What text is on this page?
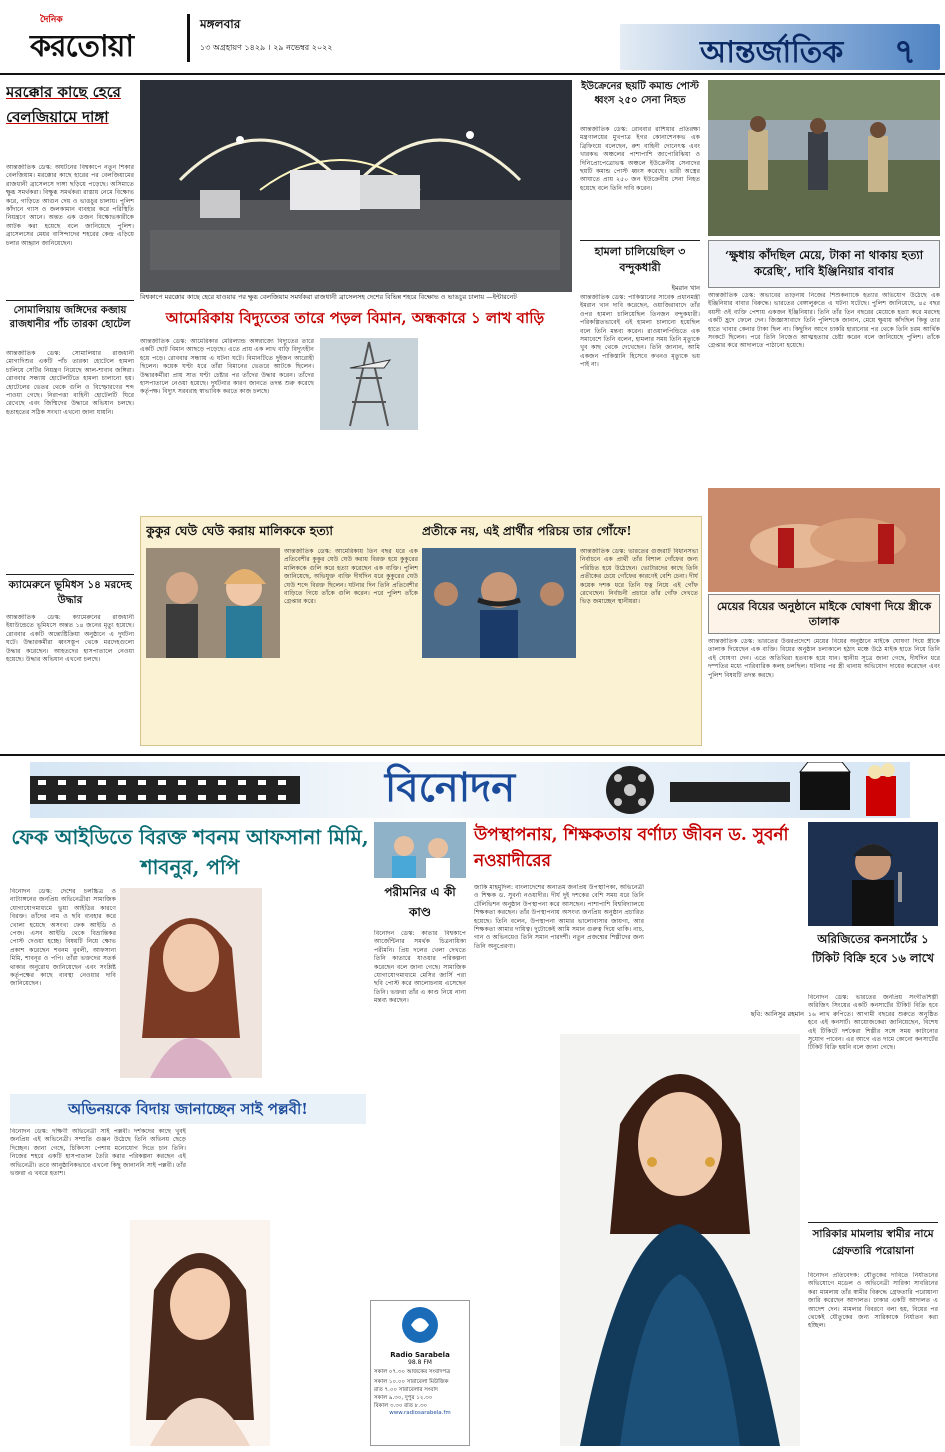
দৈনিক
করতোয়া
মঙ্গলবার
১৩ অগ্রহায়ণ ১৪২৯ । ২৯ নভেম্বর ২০২২	আন্তর্জাতিক	৭
মরক্কোর কাছে হেরে বেলজিয়ামে দাঙ্গা
আন্তর্জাতিক ডেস্ক: অঘটনের বিশ্বকাপে নতুন শিকার বেলজিয়াম। মরক্কোর কাছে হারের পর বেলজিয়ামের রাজধানী ব্রাসেলসে দাঙ্গা ছড়িয়ে পড়েছে। অসিমাতে ক্ষুব্ধ সমর্থকরা। বিক্ষুব্ধ সমর্থকরা রাস্তায় নেমে বিক্ষোভ করে, গাড়িতে আগুন দেয় ও ভাঙচুর চালায়। পুলিশ কাঁদানে গ্যাস ও জলকামান ব্যবহার করে পরিস্থিতি নিয়ন্ত্রণে আনে। অন্তত এক ডজন বিক্ষোভকারীকে আটক করা হয়েছে বলে জানিয়েছে পুলিশ। ব্রাসেলসের মেয়র বাসিন্দাদের শহরের কেন্দ্র এড়িয়ে চলার আহ্বান জানিয়েছেন।
বিশ্বকাপে মরক্কোর কাছে হেরে যাওয়ার পর ক্ষুব্ধ বেলজিয়াম সমর্থকরা রাজধানী ব্রাসেলসহ দেশের বিভিন্ন শহরে বিক্ষোভ ও ভাঙচুর চালায় —ইন্টারনেট
ইউক্রেনের ছয়টি কমান্ড পোস্ট ধ্বংস ২৫০ সেনা নিহত
আন্তর্জাতিক ডেস্ক: রোববার রাশিয়ার প্রতিরক্ষা মন্ত্রণালয়ের মুখপাত্র ইগর কোনাশেনকভ এক ব্রিফিংয়ে বলেছেন, রুশ বাহিনী দোনেৎস্ক এবং খারকভ অঞ্চলের পাশাপাশি জাপোরিঝিয়া ও দিনিপ্রোপেত্রোভস্ক অঞ্চলে ইউক্রেনীয় সেনাদের ছয়টি কমান্ড পোস্ট ধ্বংস করেছে। ভারী অস্ত্রের আঘাতে প্রায় ২৫০ জন ইউক্রেনীয় সেনা নিহত হয়েছে বলে তিনি দাবি করেন।
হামলা চালিয়েছিল ৩ বন্দুকধারী
ইমরান খান
আন্তর্জাতিক ডেস্ক: পাকিস্তানের সাবেক প্রধানমন্ত্রী ইমরান খান দাবি করেছেন, ওয়াজিরাবাদে তাঁর ওপর হামলা চালিয়েছিল তিনজন বন্দুকধারী। পরিকল্পিতভাবেই এই হামলা চালানো হয়েছিল বলে তিনি মন্তব্য করেন। রাওয়ালপিন্ডিতে এক সমাবেশে তিনি বলেন, হামলার সময় তিনি মৃত্যুকে খুব কাছ থেকে দেখেছেন। তিনি জানান, আমি একজন পাকিস্তানি হিসেবে কখনও মৃত্যুকে ভয় পাই না।
‘ক্ষুধায় কাঁদছিল মেয়ে, টাকা না থাকায় হত্যা করেছি’, দাবি ইঞ্জিনিয়ার বাবার
আন্তর্জাতিক ডেস্ক: অভাবের তাড়নায় নিজের শিশুকন্যাকে হত্যার অভিযোগ উঠেছে এক ইঞ্জিনিয়ার বাবার বিরুদ্ধে। ভারতের বেঙ্গালুরুতে এ ঘটনা ঘটেছে। পুলিশ জানিয়েছে, ৪৫ বছর বয়সী ওই ব্যক্তি পেশায় একজন ইঞ্জিনিয়ার। তিনি তাঁর তিন বছরের মেয়েকে হত্যা করে মরদেহ একটি হ্রদে ফেলে দেন। জিজ্ঞাসাবাদে তিনি পুলিশকে জানান, মেয়ে ক্ষুধায় কাঁদছিল কিন্তু তার হাতে খাবার কেনার টাকা ছিল না। কিছুদিন আগে চাকরি হারানোর পর থেকে তিনি চরম আর্থিক সংকটে ছিলেন। পরে তিনি নিজেও আত্মহত্যার চেষ্টা করেন বলে জানিয়েছে পুলিশ। তাঁকে গ্রেপ্তার করে আদালতে পাঠানো হয়েছে।
মেয়ের বিয়ের অনুষ্ঠানে মাইকে ঘোষণা দিয়ে স্ত্রীকে তালাক
আন্তর্জাতিক ডেস্ক: ভারতের উত্তরপ্রদেশে মেয়ের বিয়ের অনুষ্ঠানে মাইকে ঘোষণা দিয়ে স্ত্রীকে তালাক দিয়েছেন এক ব্যক্তি। বিয়ের অনুষ্ঠান চলাকালে হঠাৎ মঞ্চে উঠে মাইক হাতে নিয়ে তিনি এই ঘোষণা দেন। এতে অতিথিরা হতবাক হয়ে যান। স্থানীয় সূত্রে জানা গেছে, দীর্ঘদিন ধরে দম্পতির মধ্যে পারিবারিক কলহ চলছিল। ঘটনার পর স্ত্রী থানায় অভিযোগ দায়ের করেছেন এবং পুলিশ বিষয়টি তদন্ত করছে।
সোমালিয়ায় জঙ্গিদের কব্জায় রাজধানীর পাঁচ তারকা হোটেল
আন্তর্জাতিক ডেস্ক: সোমালিয়ার রাজধানী মোগাদিশুর একটি পাঁচ তারকা হোটেলে হামলা চালিয়ে সেটির নিয়ন্ত্রণ নিয়েছে আল-শাবাব জঙ্গিরা। রোববার সন্ধ্যায় হোটেলটিতে হামলা চালানো হয়। হোটেলের ভেতর থেকে গুলি ও বিস্ফোরণের শব্দ পাওয়া গেছে। নিরাপত্তা বাহিনী হোটেলটি ঘিরে রেখেছে এবং জিম্মিদের উদ্ধারে অভিযান চলছে। হতাহতের সঠিক সংখ্যা এখনো জানা যায়নি।
ক্যামেরুনে ভূমিধস ১৪ মরদেহ উদ্ধার
আন্তর্জাতিক ডেস্ক: ক্যামেরুনের রাজধানী ইয়াউন্ডেতে ভূমিধসে অন্তত ১৪ জনের মৃত্যু হয়েছে। রোববার একটি অন্ত্যেষ্টিক্রিয়া অনুষ্ঠানে এ দুর্ঘটনা ঘটে। উদ্ধারকর্মীরা ধ্বংসস্তূপ থেকে মরদেহগুলো উদ্ধার করেছেন। আহতদের হাসপাতালে নেওয়া হয়েছে। উদ্ধার অভিযান এখনো চলছে।
আমেরিকায় বিদ্যুতের তারে পড়ল বিমান, অন্ধকারে ১ লাখ বাড়ি
আন্তর্জাতিক ডেস্ক: আমেরিকার মেরিল্যান্ড অঙ্গরাজ্যে বিদ্যুতের তারে একটি ছোট বিমান আছড়ে পড়েছে। এতে প্রায় এক লাখ বাড়ি বিদ্যুৎহীন হয়ে পড়ে। রোববার সন্ধ্যায় এ ঘটনা ঘটে। বিমানটিতে দুইজন আরোহী ছিলেন। কয়েক ঘণ্টা ধরে তাঁরা বিমানের ভেতরে আটকে ছিলেন। উদ্ধারকর্মীরা প্রায় সাত ঘণ্টা চেষ্টার পর তাঁদের উদ্ধার করেন। তাঁদের হাসপাতালে নেওয়া হয়েছে। দুর্ঘটনার কারণ জানতে তদন্ত শুরু করেছে কর্তৃপক্ষ। বিদ্যুৎ সরবরাহ স্বাভাবিক করতে কাজ চলছে।
কুকুর ঘেউ ঘেউ করায় মালিককে হত্যা
আন্তর্জাতিক ডেস্ক: আমেরিকায় তিন বছর ধরে এক প্রতিবেশীর কুকুর ঘেউ ঘেউ করায় বিরক্ত হয়ে কুকুরের মালিককে গুলি করে হত্যা করেছেন এক ব্যক্তি। পুলিশ জানিয়েছে, অভিযুক্ত ব্যক্তি দীর্ঘদিন ধরে কুকুরের ঘেউ ঘেউ শব্দে বিরক্ত ছিলেন। ঘটনার দিন তিনি প্রতিবেশীর বাড়িতে গিয়ে তাঁকে গুলি করেন। পরে পুলিশ তাঁকে গ্রেপ্তার করে।
প্রতীকে নয়, এই প্রার্থীর পরিচয় তার গোঁফে!
আন্তর্জাতিক ডেস্ক: ভারতের গুজরাট বিধানসভা নির্বাচনে এক প্রার্থী তাঁর বিশাল গোঁফের জন্য পরিচিত হয়ে উঠেছেন। ভোটারদের কাছে তিনি প্রতীকের চেয়ে গোঁফের কারণেই বেশি চেনা। দীর্ঘ কয়েক দশক ধরে তিনি যত্ন নিয়ে এই গোঁফ রেখেছেন। নির্বাচনী প্রচারে তাঁর গোঁফ দেখতে ভিড় জমাচ্ছেন স্থানীয়রা।
বিনোদন
ফেক আইডিতে বিরক্ত শবনম আফসানা মিমি, শাবনুর, পপি
বিনোদন ডেস্ক: দেশের চলচ্চিত্র ও নাট্যাঙ্গনের জনপ্রিয় অভিনেত্রীরা সামাজিক যোগাযোগমাধ্যমে ভুয়া আইডির কারণে বিরক্ত। তাঁদের নাম ও ছবি ব্যবহার করে খোলা হয়েছে অসংখ্য ফেক আইডি ও পেজ। এসব আইডি থেকে বিভ্রান্তিকর পোস্ট দেওয়া হচ্ছে। বিষয়টি নিয়ে ক্ষোভ প্রকাশ করেছেন শবনম বুবলী, আফসানা মিমি, শাবনূর ও পপি। তাঁরা ভক্তদের সতর্ক থাকার অনুরোধ জানিয়েছেন এবং সংশ্লিষ্ট কর্তৃপক্ষের কাছে ব্যবস্থা নেওয়ার দাবি জানিয়েছেন।
পরীমনির এ কী কাণ্ড
বিনোদন ডেস্ক: কাতার বিশ্বকাপে আর্জেন্টিনার সমর্থক চিত্রনায়িকা পরীমনি। প্রিয় দলের খেলা দেখতে তিনি কাতারে যাওয়ার পরিকল্পনা করেছেন বলে জানা গেছে। সামাজিক যোগাযোগমাধ্যমে মেসির জার্সি পরা ছবি পোস্ট করে আলোচনায় এসেছেন তিনি। ভক্তরা তাঁর এ কাণ্ড নিয়ে নানা মন্তব্য করছেন।
উপস্থাপনায়, শিক্ষকতায় বর্ণাঢ্য জীবন ড. সুবর্না নওয়াদীরের
জাকি মাহমুদিল: বাংলাদেশের অন্যতম জনপ্রিয় উপস্থাপিকা, অভিনেত্রী ও শিক্ষক ড. সুবর্না নওয়াদীর। দীর্ঘ দুই দশকের বেশি সময় ধরে তিনি টেলিভিশন অনুষ্ঠান উপস্থাপনা করে আসছেন। পাশাপাশি বিশ্ববিদ্যালয়ে শিক্ষকতা করছেন। তাঁর উপস্থাপনায় অসংখ্য জনপ্রিয় অনুষ্ঠান প্রচারিত হয়েছে। তিনি বলেন, উপস্থাপনা আমার ভালোবাসার জায়গা, আর শিক্ষকতা আমার দায়িত্ব। দুটোকেই আমি সমান গুরুত্ব দিয়ে থাকি। নাচ, গান ও অভিনয়েও তিনি সমান পারদর্শী। নতুন প্রজন্মের শিল্পীদের জন্য তিনি অনুপ্রেরণা।
ছবি: আনিসুর রহমান
অভিনয়কে বিদায় জানাচ্ছেন সাই পল্লবী!
বিনোদন ডেস্ক: দক্ষিণী অভিনেত্রী সাই পল্লবী। দর্শকদের কাছে খুবই জনপ্রিয় এই অভিনেত্রী। সম্প্রতি গুঞ্জন উঠেছে তিনি অভিনয় ছেড়ে দিচ্ছেন। জানা গেছে, চিকিৎসা পেশায় মনোযোগ দিতে চান তিনি। নিজের শহরে একটি হাসপাতাল তৈরি করার পরিকল্পনা করছেন এই অভিনেত্রী। তবে আনুষ্ঠানিকভাবে এখনো কিছু জানাননি সাই পল্লবী। তাঁর ভক্তরা এ খবরে হতাশ।
Radio Sarabela
98.8 FM
সকাল ০৭.৩০ আজকের সংবাদপত্র
সকাল ১০.০০ সারাবেলা মিউজিক
রাত ৭.০০ সারাবেলার সংবাদ
সকাল ৯.৩০, দুপুর ১২.৩০
বিকাল ৩.৩০ রাত ৮.৩০
www.radiosarabela.fm
অরিজিতের কনসার্টের ১ টিকিট বিক্রি হবে ১৬ লাখে
বিনোদন ডেস্ক: ভারতের জনপ্রিয় সংগীতশিল্পী অরিজিৎ সিংয়ের একটি কনসার্টের টিকিট বিক্রি হবে ১৬ লাখ রুপিতে। আগামী বছরের শুরুতে অনুষ্ঠিত হবে এই কনসার্ট। আয়োজকেরা জানিয়েছেন, বিশেষ এই টিকিটে দর্শকেরা শিল্পীর সঙ্গে সময় কাটানোর সুযোগ পাবেন। এর আগে এত দামে কোনো কনসার্টের টিকিট বিক্রি হয়নি বলে জানা গেছে।
সারিকার মামলায় স্বামীর নামে গ্রেফতারি পরোয়ানা
বিনোদন প্রতিবেদক: যৌতুকের দাবিতে নির্যাতনের অভিযোগে মডেল ও অভিনেত্রী সারিকা সাবরিনের করা মামলায় তাঁর স্বামীর বিরুদ্ধে গ্রেফতারি পরোয়ানা জারি করেছেন আদালত। ঢাকার একটি আদালত এ আদেশ দেন। মামলার বিবরণে বলা হয়, বিয়ের পর থেকেই যৌতুকের জন্য সারিকাকে নির্যাতন করা হচ্ছিল।
